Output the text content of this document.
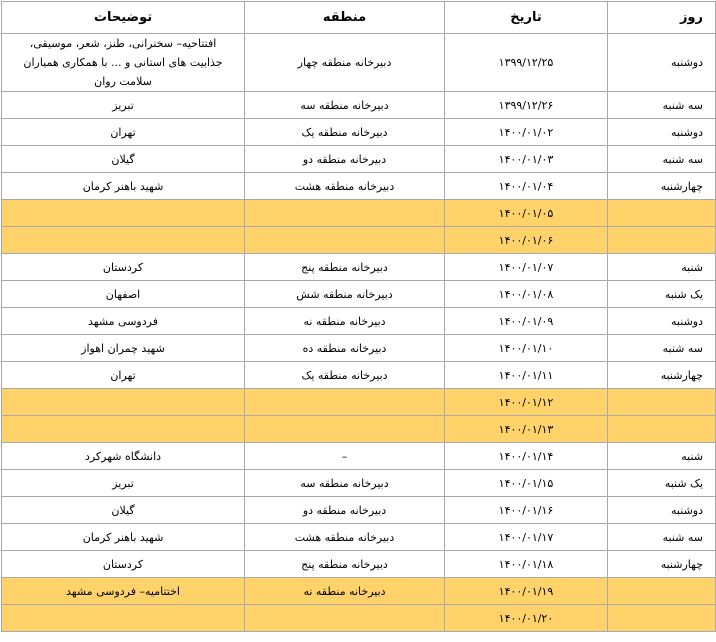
روز	تاریخ	منطقه	توضیحات
دوشنبه	۱۳۹۹/۱۲/۲۵	دبیرخانه منطقه چهار	افتتاحیه– سخنرانی، طنز، شعر، موسیقی، جذابیت های استانی و ... با همکاری همیاران سلامت روان
سه شنبه	۱۳۹۹/۱۲/۲۶	دبیرخانه منطقه سه	تبریز
دوشنبه	۱۴۰۰/۰۱/۰۲	دبیرخانه منطقه یک	تهران
سه شنبه	۱۴۰۰/۰۱/۰۳	دبیرخانه منطقه دو	گیلان
چهارشنبه	۱۴۰۰/۰۱/۰۴	دبیرخانه منطقه هشت	شهید باهنر کرمان
	۱۴۰۰/۰۱/۰۵		
	۱۴۰۰/۰۱/۰۶		
شنبه	۱۴۰۰/۰۱/۰۷	دبیرخانه منطقه پنج	کردستان
یک شنبه	۱۴۰۰/۰۱/۰۸	دبیرخانه منطقه شش	اصفهان
دوشنبه	۱۴۰۰/۰۱/۰۹	دبیرخانه منطقه نه	فردوسی مشهد
سه شنبه	۱۴۰۰/۰۱/۱۰	دبیرخانه منطقه ده	شهید چمران اهواز
چهارشنبه	۱۴۰۰/۰۱/۱۱	دبیرخانه منطقه یک	تهران
	۱۴۰۰/۰۱/۱۲		
	۱۴۰۰/۰۱/۱۳		
شنبه	۱۴۰۰/۰۱/۱۴	–	دانشگاه شهرکرد
یک شنبه	۱۴۰۰/۰۱/۱۵	دبیرخانه منطقه سه	تبریز
دوشنبه	۱۴۰۰/۰۱/۱۶	دبیرخانه منطقه دو	گیلان
سه شنبه	۱۴۰۰/۰۱/۱۷	دبیرخانه منطقه هشت	شهید باهنر کرمان
چهارشنبه	۱۴۰۰/۰۱/۱۸	دبیرخانه منطقه پنج	کردستان
	۱۴۰۰/۰۱/۱۹	دبیرخانه منطقه نه	اختتامیه– فردوسی مشهد
	۱۴۰۰/۰۱/۲۰		
